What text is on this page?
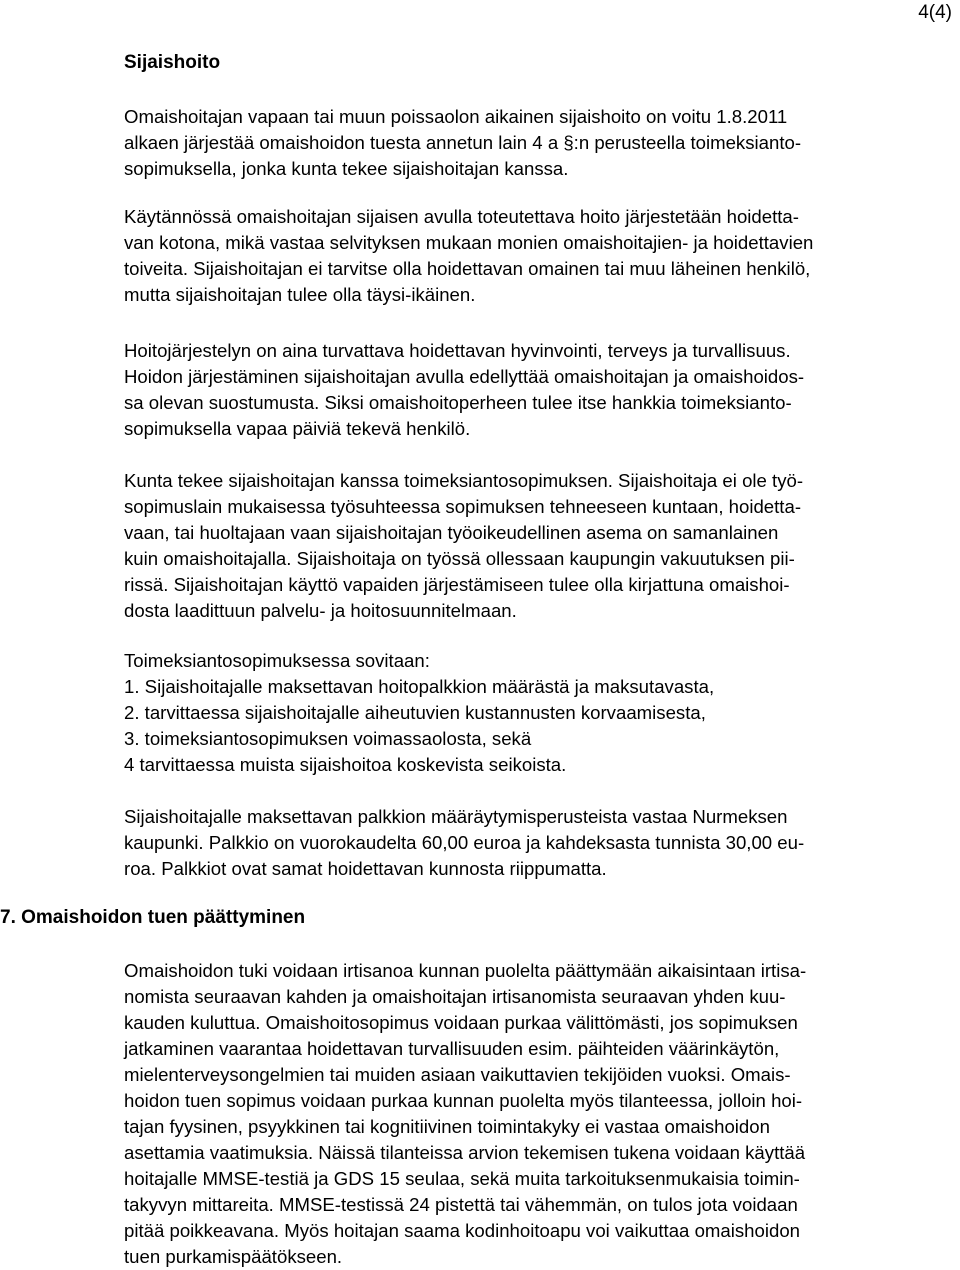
4(4)
Sijaishoito
Omaishoitajan vapaan tai muun poissaolon aikainen sijaishoito on voitu 1.8.2011
alkaen järjestää omaishoidon tuesta annetun lain 4 a §:n perusteella toimeksianto-
sopimuksella, jonka kunta tekee sijaishoitajan kanssa.
Käytännössä omaishoitajan sijaisen avulla toteutettava hoito järjestetään hoidetta-
van kotona, mikä vastaa selvityksen mukaan monien omaishoitajien- ja hoidettavien
toiveita. Sijaishoitajan ei tarvitse olla hoidettavan omainen tai muu läheinen henkilö,
mutta sijaishoitajan tulee olla täysi-ikäinen.
Hoitojärjestelyn on aina turvattava hoidettavan hyvinvointi, terveys ja turvallisuus.
Hoidon järjestäminen sijaishoitajan avulla edellyttää omaishoitajan ja omaishoidos-
sa olevan suostumusta. Siksi omaishoitoperheen tulee itse hankkia toimeksianto-
sopimuksella vapaa päiviä tekevä henkilö.
Kunta tekee sijaishoitajan kanssa toimeksiantosopimuksen. Sijaishoitaja ei ole työ-
sopimuslain mukaisessa työsuhteessa sopimuksen tehneeseen kuntaan, hoidetta-
vaan, tai huoltajaan vaan sijaishoitajan työoikeudellinen asema on samanlainen
kuin omaishoitajalla. Sijaishoitaja on työssä ollessaan kaupungin vakuutuksen pii-
rissä. Sijaishoitajan käyttö vapaiden järjestämiseen tulee olla kirjattuna omaishoi-
dosta laadittuun palvelu- ja hoitosuunnitelmaan.
Toimeksiantosopimuksessa sovitaan:
1. Sijaishoitajalle maksettavan hoitopalkkion määrästä ja maksutavasta,
2. tarvittaessa sijaishoitajalle aiheutuvien kustannusten korvaamisesta,
3. toimeksiantosopimuksen voimassaolosta, sekä
4 tarvittaessa muista sijaishoitoa koskevista seikoista.
Sijaishoitajalle maksettavan palkkion määräytymisperusteista vastaa Nurmeksen
kaupunki. Palkkio on vuorokaudelta 60,00 euroa ja kahdeksasta tunnista 30,00 eu-
roa. Palkkiot ovat samat hoidettavan kunnosta riippumatta.
7. Omaishoidon tuen päättyminen
Omaishoidon tuki voidaan irtisanoa kunnan puolelta päättymään aikaisintaan irtisa-
nomista seuraavan kahden ja omaishoitajan irtisanomista seuraavan yhden kuu-
kauden kuluttua. Omaishoitosopimus voidaan purkaa välittömästi, jos sopimuksen
jatkaminen vaarantaa hoidettavan turvallisuuden esim. päihteiden väärinkäytön,
mielenterveysongelmien tai muiden asiaan vaikuttavien tekijöiden vuoksi. Omais-
hoidon tuen sopimus voidaan purkaa kunnan puolelta myös tilanteessa, jolloin hoi-
tajan fyysinen, psyykkinen tai kognitiivinen toimintakyky ei vastaa omaishoidon
asettamia vaatimuksia. Näissä tilanteissa arvion tekemisen tukena voidaan käyttää
hoitajalle MMSE-testiä ja GDS 15 seulaa, sekä muita tarkoituksenmukaisia toimin-
takyvyn mittareita. MMSE-testissä 24 pistettä tai vähemmän, on tulos jota voidaan
pitää poikkeavana. Myös hoitajan saama kodinhoitoapu voi vaikuttaa omaishoidon
tuen purkamispäätökseen.
